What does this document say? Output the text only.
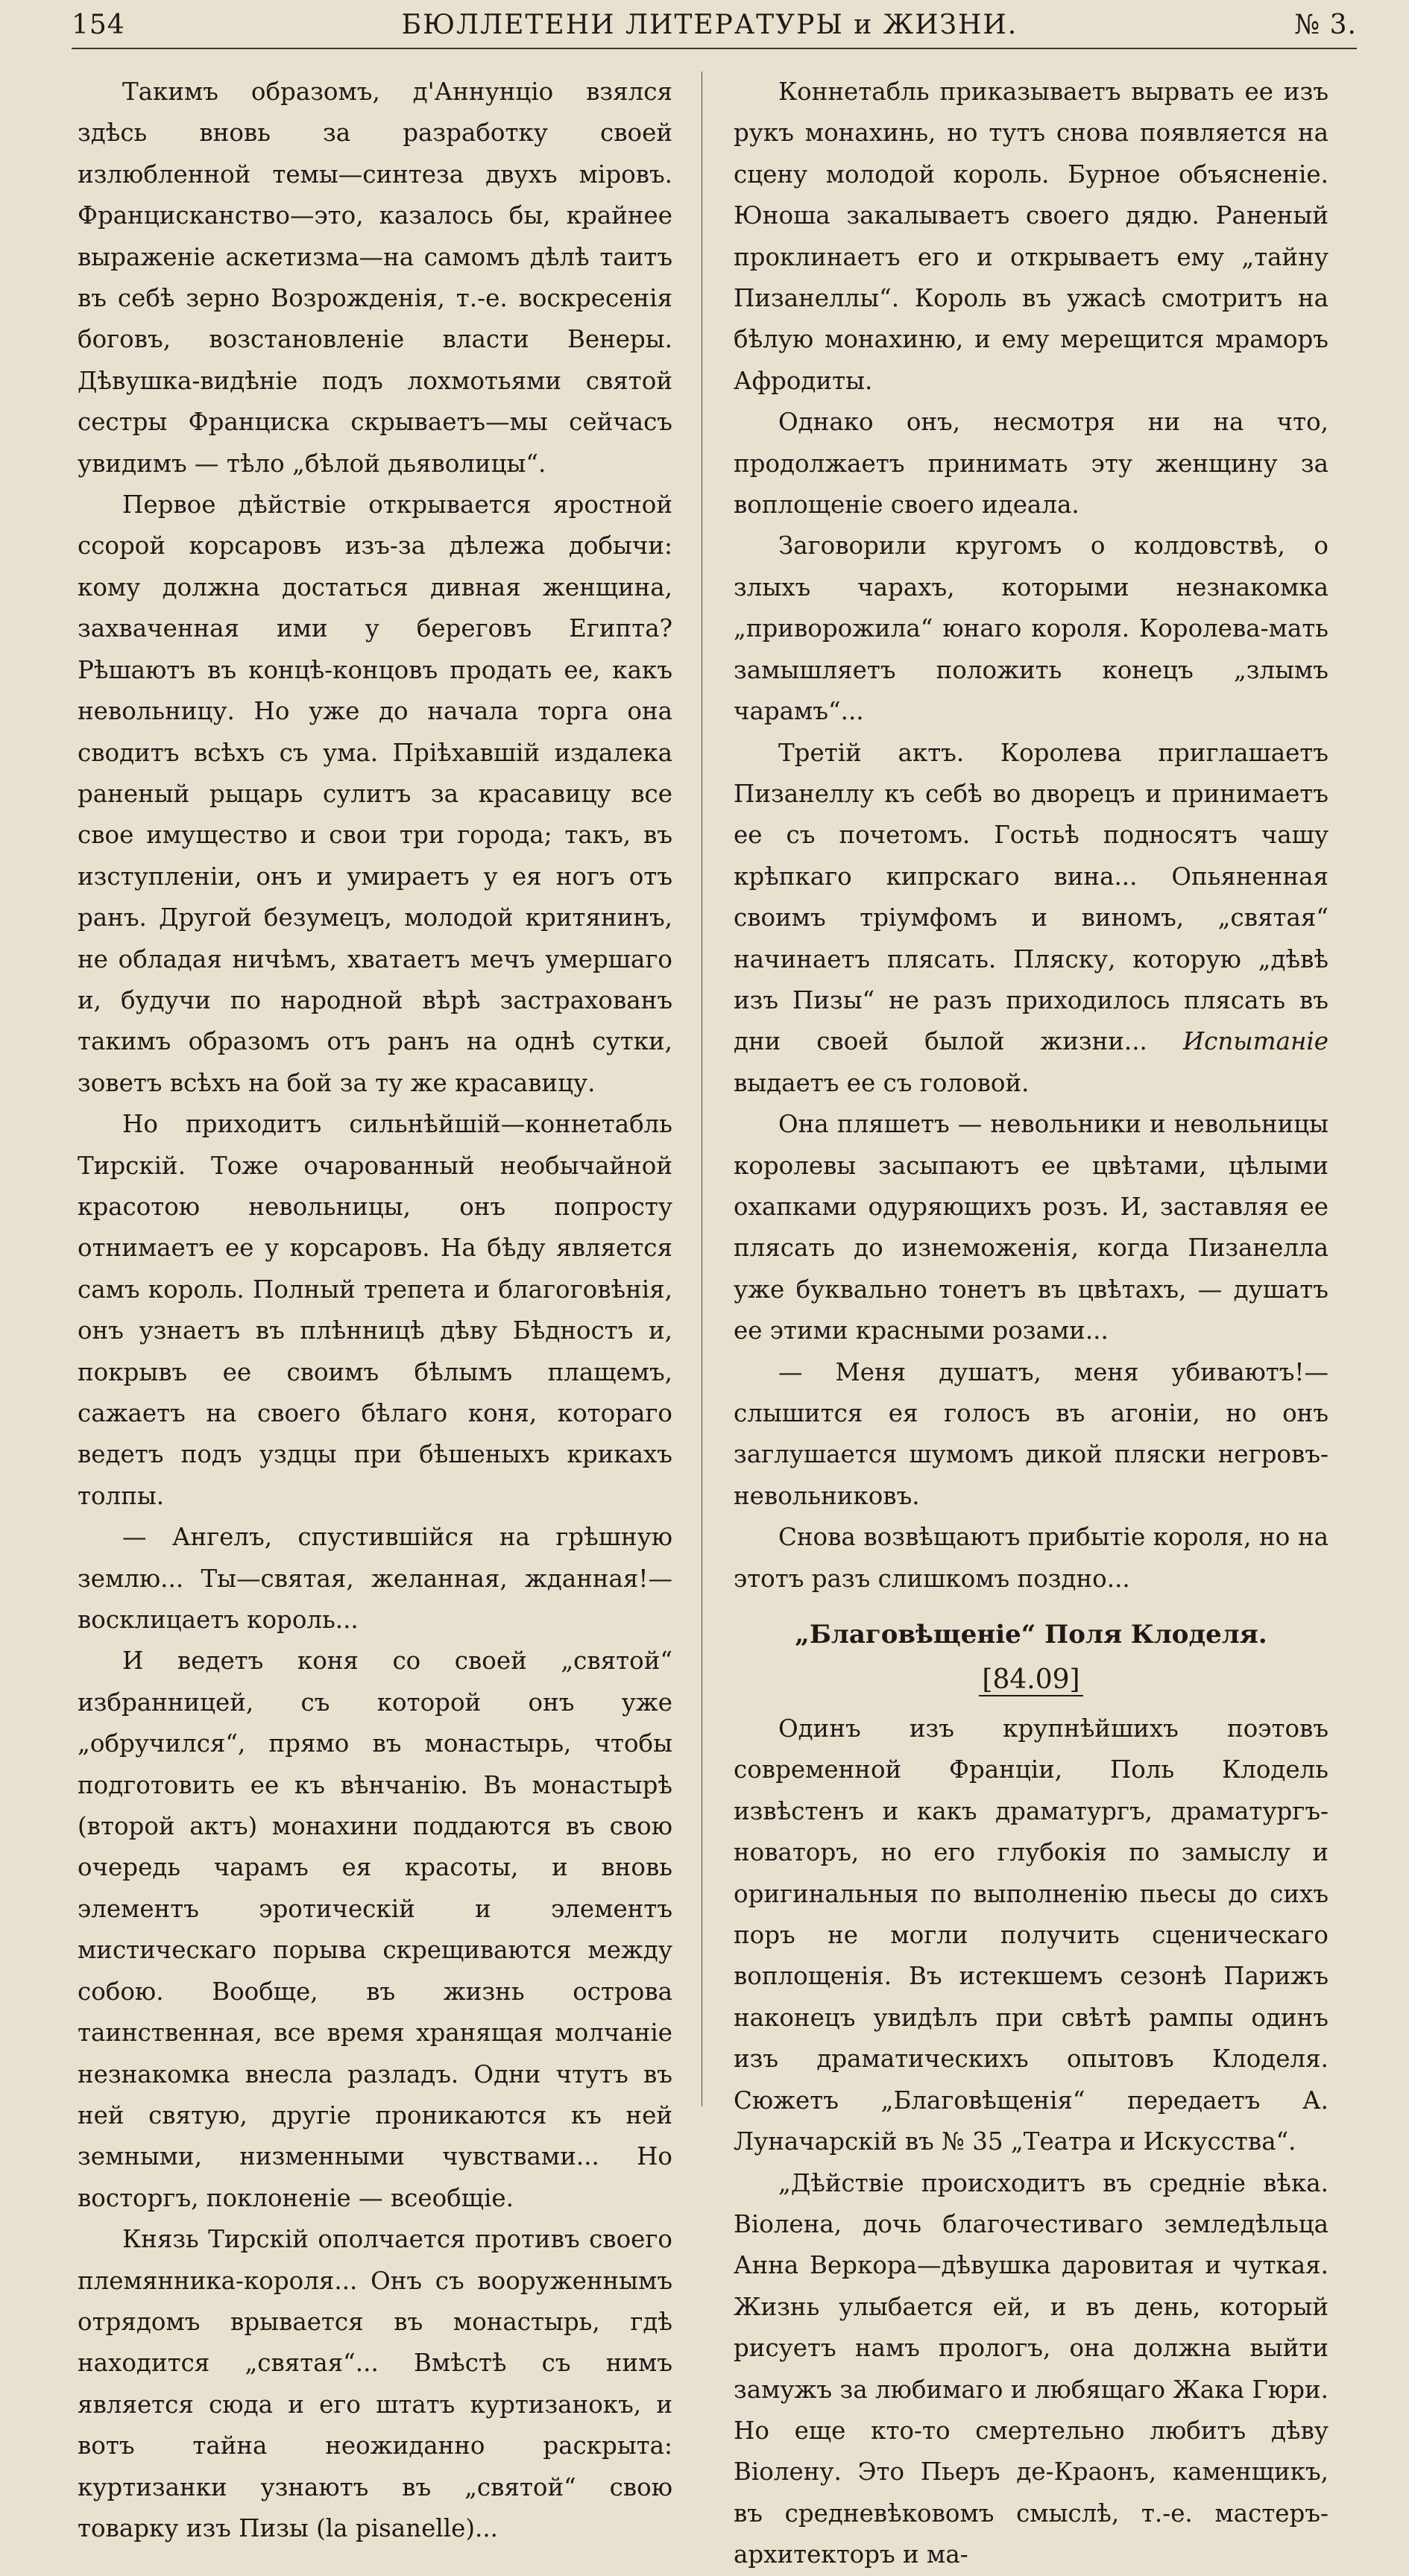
154	БЮЛЛЕТЕНИ ЛИТЕРАТУРЫ и ЖИЗНИ.	№ 3.

Такимъ образомъ, д'Аннунціо взялся здѣсь вновь за разработку своей излюбленной темы—синтеза двухъ міровъ. Францисканство—это, казалось бы, крайнее выраженіе аскетизма—на самомъ дѣлѣ таитъ въ себѣ зерно Возрожденія, т.-е. воскресенія боговъ, возстановленіе власти Венеры. Дѣвушка-видѣніе подъ лохмотьями святой сестры Франциска скрываетъ—мы сейчасъ увидимъ — тѣло „бѣлой дьяволицы“.

Первое дѣйствіе открывается яростной ссорой корсаровъ изъ-за дѣлежа добычи: кому должна достаться дивная женщина, захваченная ими у береговъ Египта? Рѣшаютъ въ концѣ-концовъ продать ее, какъ невольницу. Но уже до начала торга она сводитъ всѣхъ съ ума. Пріѣхавшій издалека раненый рыцарь сулитъ за красавицу все свое имущество и свои три города; такъ, въ изступленіи, онъ и умираетъ у ея ногъ отъ ранъ. Другой безумецъ, молодой критянинъ, не обладая ничѣмъ, хватаетъ мечъ умершаго и, будучи по народной вѣрѣ застрахованъ такимъ образомъ отъ ранъ на однѣ сутки, зоветъ всѣхъ на бой за ту же красавицу.

Но приходитъ сильнѣйшій—коннетабль Тирскій. Тоже очарованный необычайной красотою невольницы, онъ попросту отнимаетъ ее у корсаровъ. На бѣду является самъ король. Полный трепета и благоговѣнія, онъ узнаетъ въ плѣнницѣ дѣву Бѣдностъ и, покрывъ ее своимъ бѣлымъ плащемъ, сажаетъ на своего бѣлаго коня, котораго ведетъ подъ уздцы при бѣшеныхъ крикахъ толпы.

— Ангелъ, спустившійся на грѣшную землю... Ты—святая, желанная, жданная!—восклицаетъ король...

И ведетъ коня со своей „святой“ избранницей, съ которой онъ уже „обручился“, прямо въ монастырь, чтобы подготовить ее къ вѣнчанію. Въ монастырѣ (второй актъ) монахини поддаются въ свою очередь чарамъ ея красоты, и вновь элементъ эротическій и элементъ мистическаго порыва скрещиваются между собою. Вообще, въ жизнь острова таинственная, все время хранящая молчаніе незнакомка внесла разладъ. Одни чтутъ въ ней святую, другіе проникаются къ ней земными, низменными чувствами... Но восторгъ, поклоненіе — всеобщіе.

Князь Тирскій ополчается противъ своего племянника-короля... Онъ съ вооруженнымъ отрядомъ врывается въ монастырь, гдѣ находится „святая“... Вмѣстѣ съ нимъ является сюда и его штатъ куртизанокъ, и вотъ тайна неожиданно раскрыта: куртизанки узнаютъ въ „святой“ свою товарку изъ Пизы (la pisanelle)...

Коннетабль приказываетъ вырвать ее изъ рукъ монахинь, но тутъ снова появляется на сцену молодой король. Бурное объясненіе. Юноша закалываетъ своего дядю. Раненый проклинаетъ его и открываетъ ему „тайну Пизанеллы“. Король въ ужасѣ смотритъ на бѣлую монахиню, и ему мерещится мраморъ Афродиты.

Однако онъ, несмотря ни на что, продолжаетъ принимать эту женщину за воплощеніе своего идеала.

Заговорили кругомъ о колдовствѣ, о злыхъ чарахъ, которыми незнакомка „приворожила“ юнаго короля. Королева-мать замышляетъ положить конецъ „злымъ чарамъ“...

Третій актъ. Королева приглашаетъ Пизанеллу къ себѣ во дворецъ и принимаетъ ее съ почетомъ. Гостьѣ подносятъ чашу крѣпкаго кипрскаго вина... Опьяненная своимъ тріумфомъ и виномъ, „святая“ начинаетъ плясать. Пляску, которую „дѣвѣ изъ Пизы“ не разъ приходилось плясать въ дни своей былой жизни... Испытаніе выдаетъ ее съ головой.

Она пляшетъ — невольники и невольницы королевы засыпаютъ ее цвѣтами, цѣлыми охапками одуряющихъ розъ. И, заставляя ее плясать до изнеможенія, когда Пизанелла уже буквально тонетъ въ цвѣтахъ, — душатъ ее этими красными розами...

— Меня душатъ, меня убиваютъ!—слышится ея голосъ въ агоніи, но онъ заглушается шумомъ дикой пляски негровъ-невольниковъ.

Снова возвѣщаютъ прибытіе короля, но на этотъ разъ слишкомъ поздно...

„Благовѣщеніе“ Поля Клоделя.
[84.09]

Одинъ изъ крупнѣйшихъ поэтовъ современной Франціи, Поль Клодель извѣстенъ и какъ драматургъ, драматургъ-новаторъ, но его глубокія по замыслу и оригинальныя по выполненію пьесы до сихъ поръ не могли получить сценическаго воплощенія. Въ истекшемъ сезонѣ Парижъ наконецъ увидѣлъ при свѣтѣ рампы одинъ изъ драматическихъ опытовъ Клоделя. Сюжетъ „Благовѣщенія“ передаетъ А. Луначарскій въ № 35 „Театра и Искусства“.

„Дѣйствіе происходитъ въ средніе вѣка. Віолена, дочь благочестиваго земледѣльца Анна Веркора—дѣвушка даровитая и чуткая. Жизнь улыбается ей, и въ день, который рисуетъ намъ прологъ, она должна выйти замужъ за любимаго и любящаго Жака Гюри. Но еще кто-то смертельно любитъ дѣву Віолену. Это Пьеръ де-Краонъ, каменщикъ, въ средневѣковомъ смыслѣ, т.-е. мастеръ-архитекторъ и ма-
